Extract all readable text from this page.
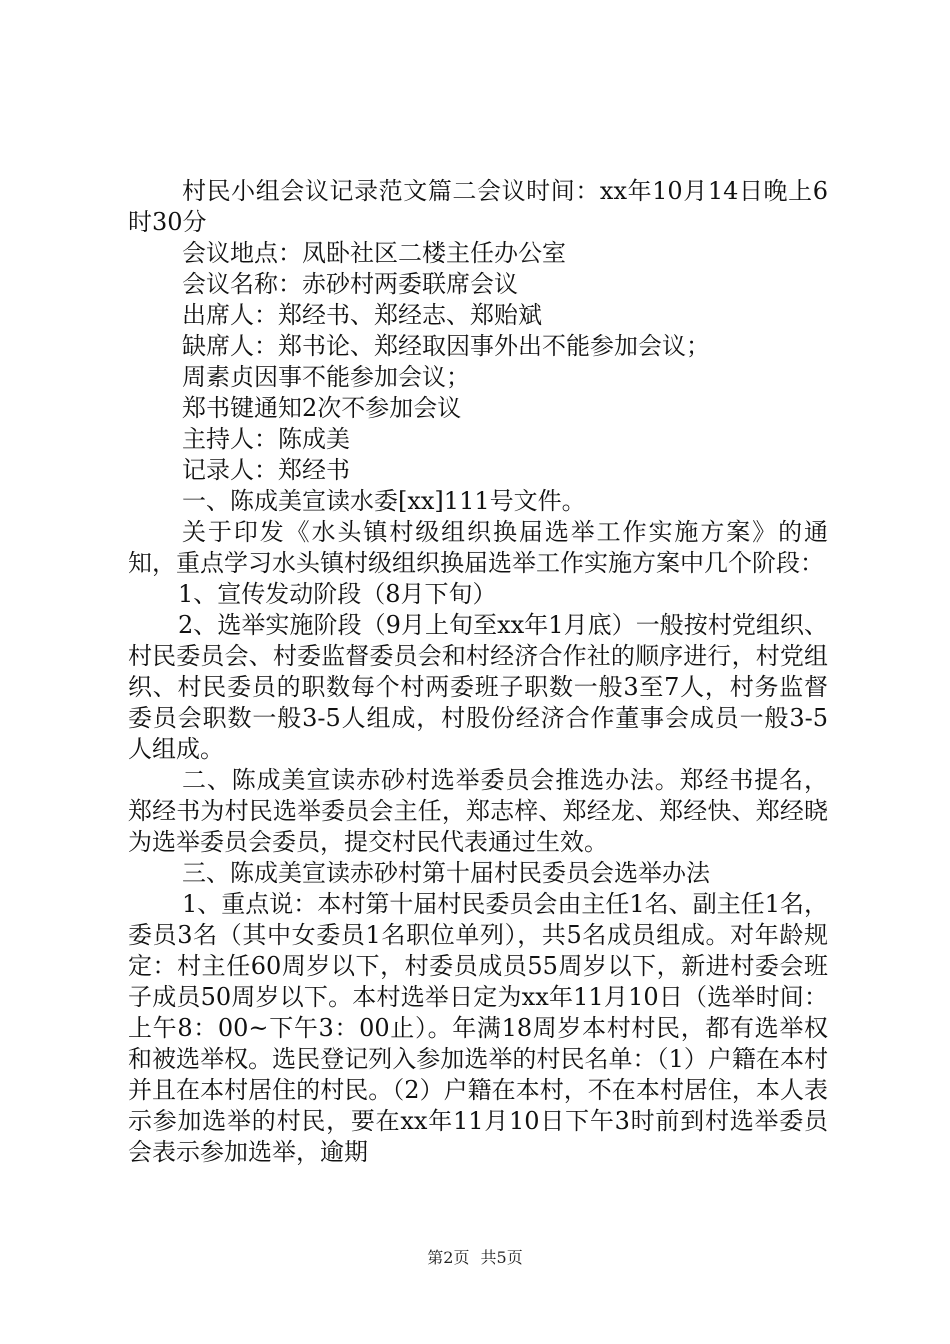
村民小组会议记录范文篇二会议时间：xx年10月14日晚上6时30分

会议地点：凤卧社区二楼主任办公室

会议名称：赤砂村两委联席会议

出席人：郑经书、郑经志、郑贻斌

缺席人：郑书论、郑经取因事外出不能参加会议；

周素贞因事不能参加会议；

郑书键通知2次不参加会议

主持人：陈成美

记录人：郑经书

一、陈成美宣读水委[xx]111号文件。

关于印发《水头镇村级组织换届选举工作实施方案》的通知，重点学习水头镇村级组织换届选举工作实施方案中几个阶段：

1、宣传发动阶段（8月下旬）

2、选举实施阶段（9月上旬至xx年1月底）一般按村党组织、村民委员会、村委监督委员会和村经济合作社的顺序进行，村党组织、村民委员的职数每个村两委班子职数一般3至7人，村务监督委员会职数一般3-5人组成，村股份经济合作董事会成员一般3-5人组成。

二、陈成美宣读赤砂村选举委员会推选办法。郑经书提名，郑经书为村民选举委员会主任，郑志梓、郑经龙、郑经快、郑经晓为选举委员会委员，提交村民代表通过生效。

三、陈成美宣读赤砂村第十届村民委员会选举办法

1、重点说：本村第十届村民委员会由主任1名、副主任1名，委员3名（其中女委员1名职位单列），共5名成员组成。对年龄规定：村主任60周岁以下，村委员成员55周岁以下，新进村委会班子成员50周岁以下。本村选举日定为xx年11月10日（选举时间：上午8：00~下午3：00止）。年满18周岁本村村民，都有选举权和被选举权。选民登记列入参加选举的村民名单：（1）户籍在本村并且在本村居住的村民。（2）户籍在本村，不在本村居住，本人表示参加选举的村民，要在xx年11月10日下午3时前到村选举委员会表示参加选举，逾期

第2页 共5页
